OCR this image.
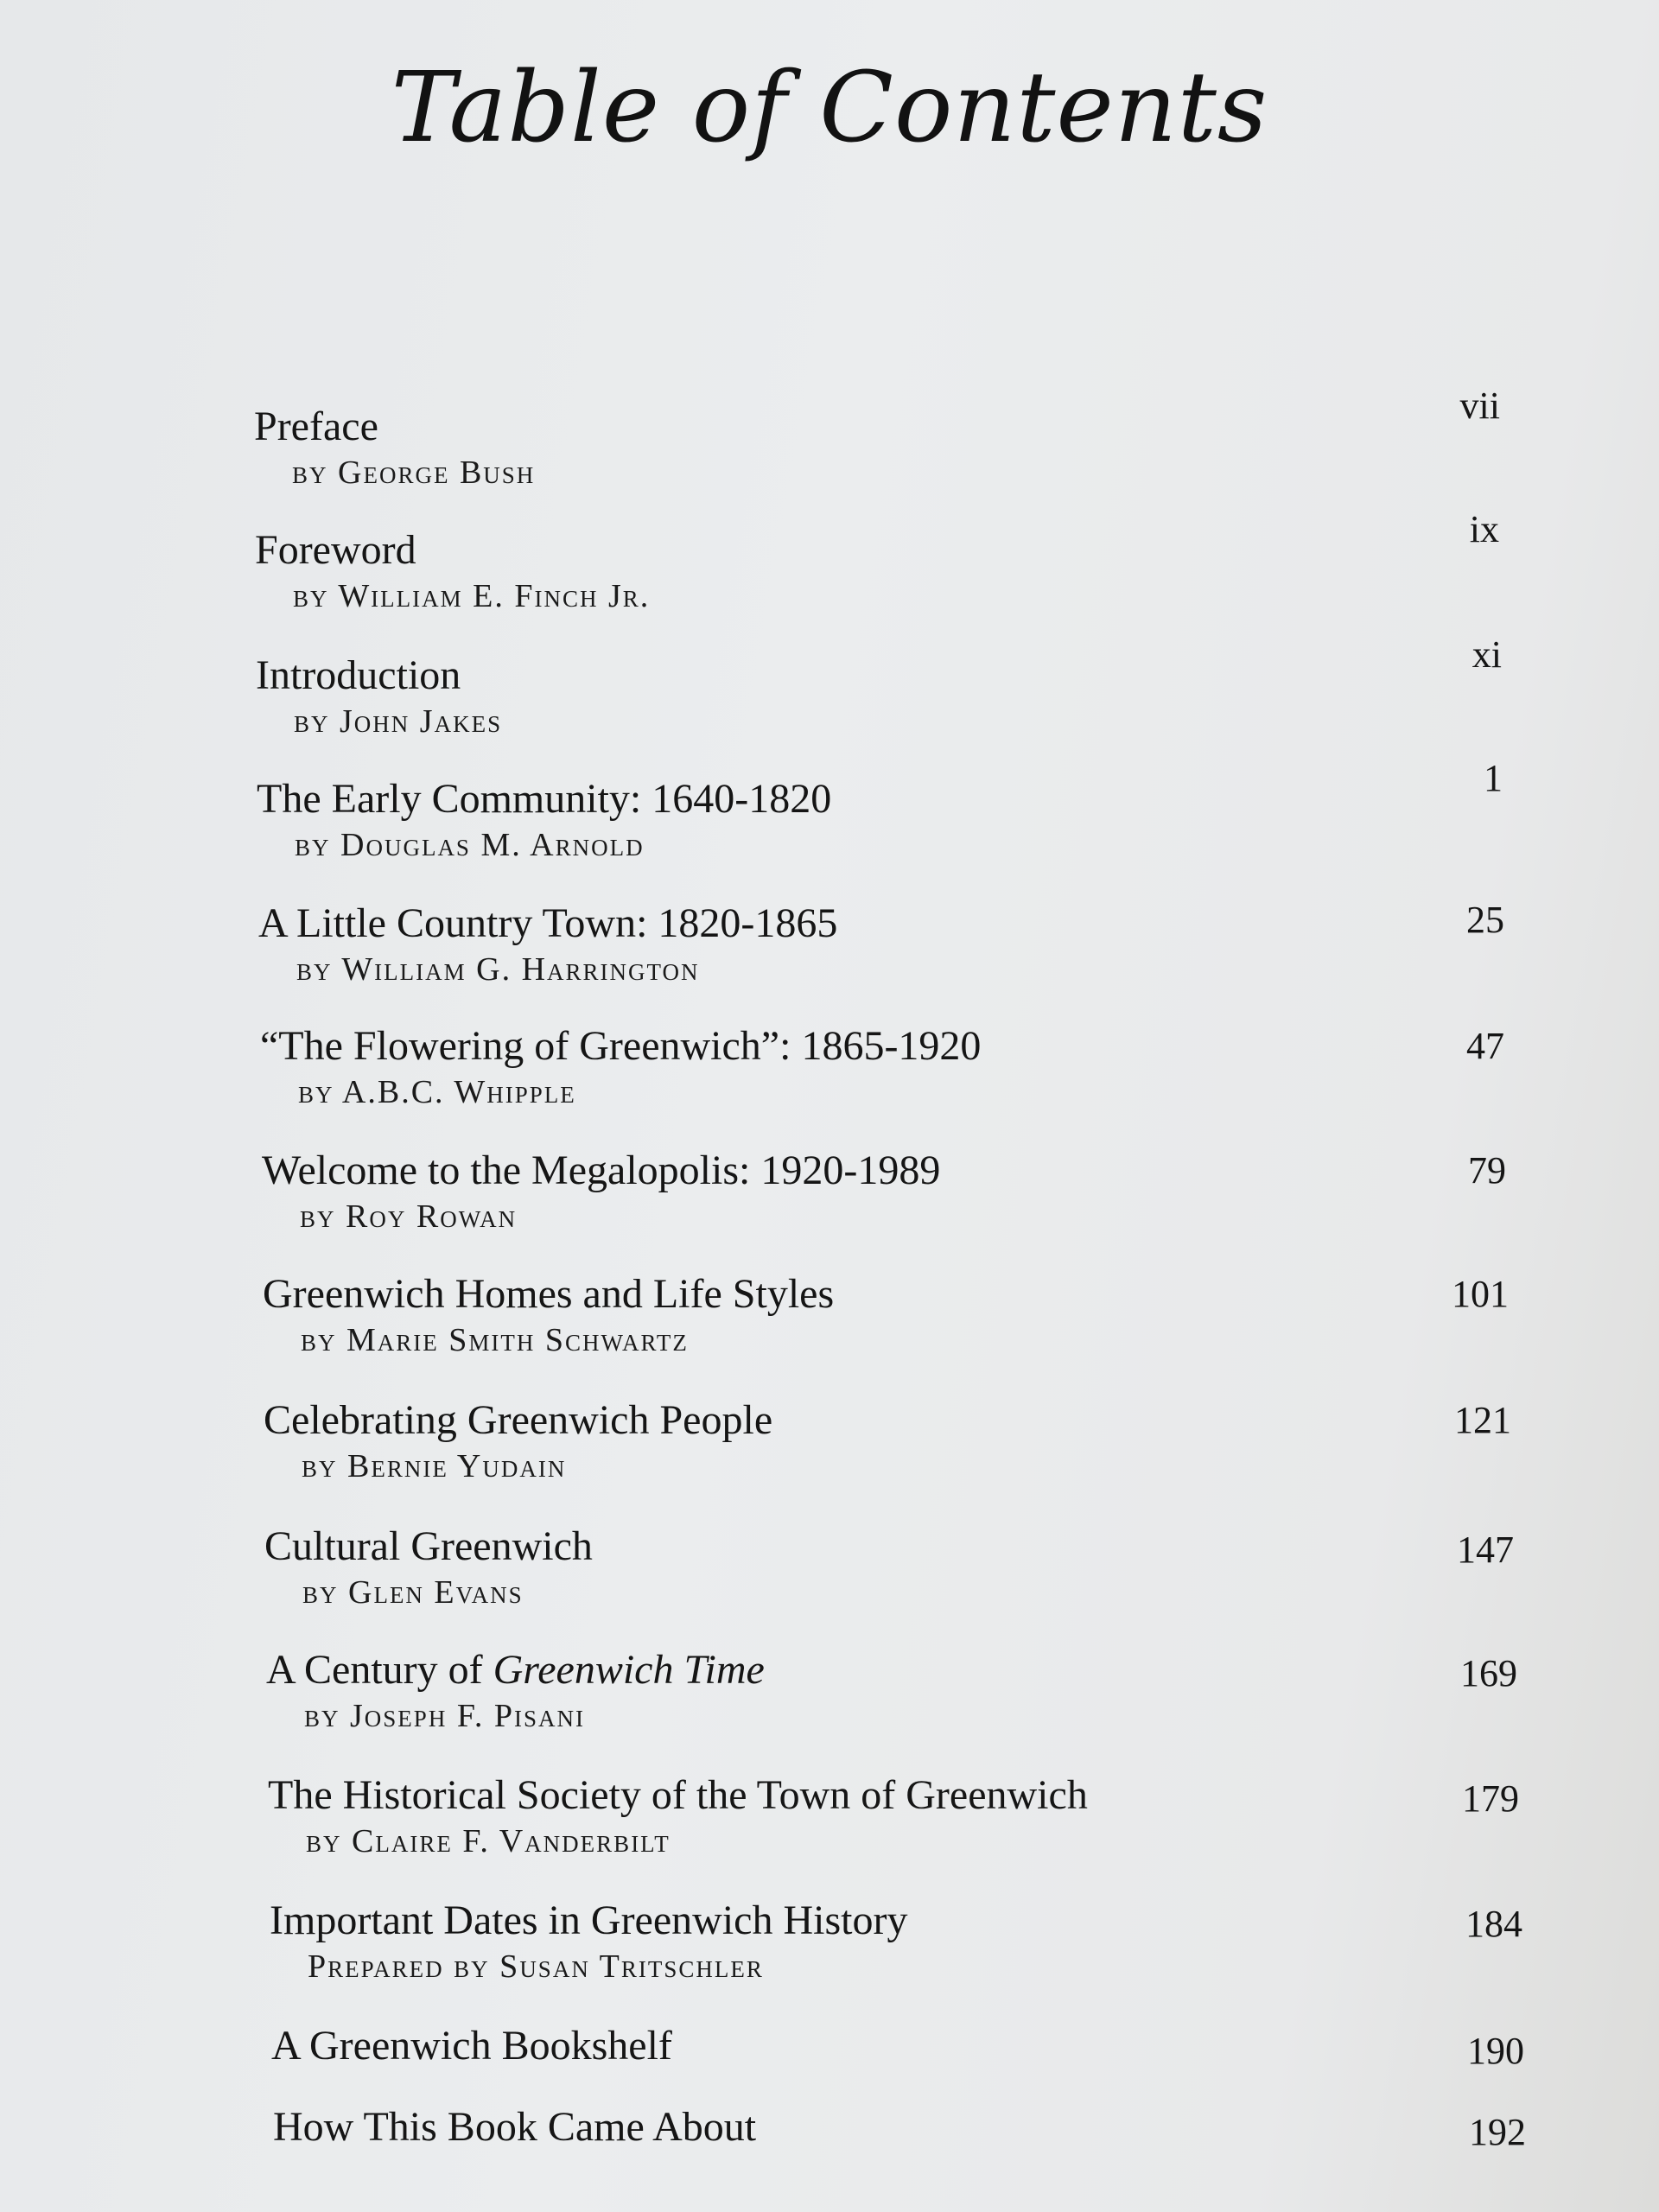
Table of Contents
Preface
by George Bush
vii
Foreword
by William E. Finch Jr.
ix
Introduction
by John Jakes
xi
The Early Community: 1640-1820
by Douglas M. Arnold
1
A Little Country Town: 1820-1865
by William G. Harrington
25
“The Flowering of Greenwich”: 1865-1920
by A.B.C. Whipple
47
Welcome to the Megalopolis: 1920-1989
by Roy Rowan
79
Greenwich Homes and Life Styles
by Marie Smith Schwartz
101
Celebrating Greenwich People
by Bernie Yudain
121
Cultural Greenwich
by Glen Evans
147
A Century of Greenwich Time
by Joseph F. Pisani
169
The Historical Society of the Town of Greenwich
by Claire F. Vanderbilt
179
Important Dates in Greenwich History
Prepared by Susan Tritschler
184
A Greenwich Bookshelf	190
How This Book Came About	192
